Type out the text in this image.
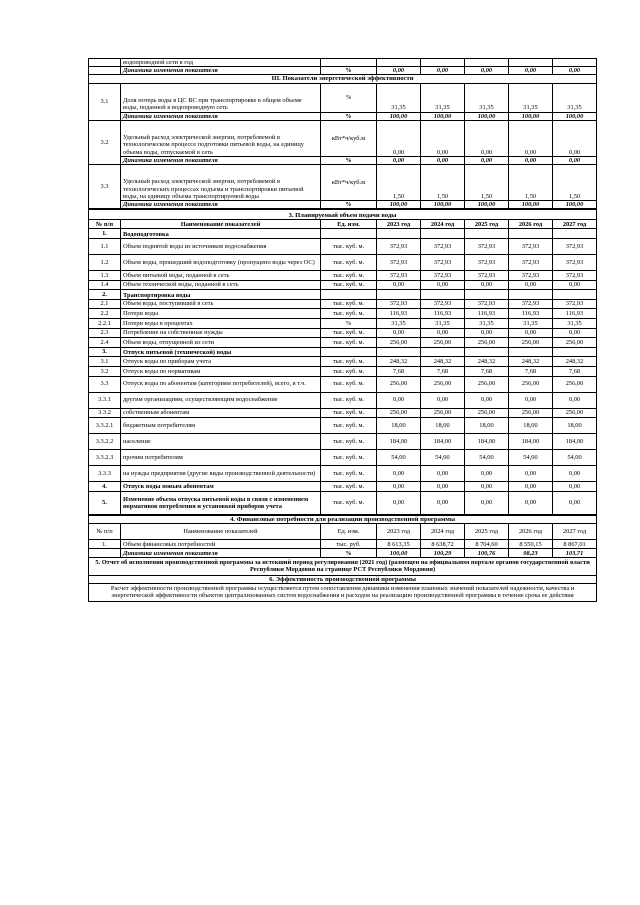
	водопроводной сети в год						
	Динамика изменения показателя	%	0,00	0,00	0,00	0,00	0,00
III. Показатели энергетической эффективности							
3.1	Доля потерь воды в ЦС ВС при транспортировке в общем объеме воды, поданной в водопроводную сеть	%	31,35	31,35	31,35	31,35	31,35
	Динамика изменения показателя	%	100,00	100,00	100,00	100,00	100,00
3.2	Удельный расход электрической энергии, потребляемой в технологическом процессе подготовки питьевой воды, на единицу объема воды, отпускаемой в сеть	кВт*ч/куб.м	0,00	0,00	0,00	0,00	0,00
	Динамика изменения показателя	%	0,00	0,00	0,00	0,00	0,00
3.3	Удельный расход электрической энергии, потребляемой в технологических процессах подъема и транспортировки питьевой воды, на единицу объема транспортируемой воды	кВт*ч/куб.м	1,50	1,50	1,50	1,50	1,50
	Динамика изменения показателя	%	100,00	100,00	100,00	100,00	100,00
3. Планируемый объем подачи воды							
№ п/п	Наименование показателей	Ед. изм.	2023 год	2024 год	2025 год	2026 год	2027 год
1.	Водоподготовка						
1.1	Объем поднятой воды из источников водоснабжения	тыс. куб. м.	372,93	372,93	372,93	372,93	372,93
1.2	Объем воды, прошедший водоподготовку (пропущено воды через ОС)	тыс. куб. м.	372,93	372,93	372,93	372,93	372,93
1.3	Объем питьевой воды, поданной в сеть	тыс. куб. м.	372,93	372,93	372,93	372,93	372,93
1.4	Объем технической воды, поданной в сеть	тыс. куб. м.	0,00	0,00	0,00	0,00	0,00
2.	Транспортировка воды						
2.1	Объем воды, поступившей в сеть	тыс. куб. м.	372,93	372,93	372,93	372,93	372,93
2.2	Потери воды	тыс. куб. м.	116,93	116,93	116,93	116,93	116,93
2.2.1	Потери воды в процентах	%	31,35	31,35	31,35	31,35	31,35
2.3	Потребление на собственные нужды	тыс. куб. м.	0,00	0,00	0,00	0,00	0,00
2.4	Объем воды, отпущенной из сети	тыс. куб. м.	256,00	256,00	256,00	256,00	256,00
3.	Отпуск питьевой (технической) воды						
3.1	Отпуск воды по приборам учета	тыс. куб. м.	248,32	248,32	248,32	248,32	248,32
3.2	Отпуск воды по нормативам	тыс. куб. м.	7,68	7,68	7,68	7,68	7,68
3.3	Отпуск воды по абонентам (категориям потребителей), всего, в т.ч.	тыс. куб. м.	256,00	256,00	256,00	256,00	256,00
3.3.1	другим организациям, осуществляющим водоснабжение	тыс. куб. м.	0,00	0,00	0,00	0,00	0,00
3.3.2	собственным абонентам	тыс. куб. м.	256,00	256,00	256,00	256,00	256,00
3.3.2.1	бюджетным потребителям	тыс. куб. м.	18,00	18,00	18,00	18,00	18,00
3.3.2.2	население	тыс. куб. м.	184,00	184,00	184,00	184,00	184,00
3.3.2.3	прочим потребителям	тыс. куб. м.	54,00	54,00	54,00	54,00	54,00
3.3.3	на нужды предприятия (другие виды производственной деятельности)	тыс. куб. м.	0,00	0,00	0,00	0,00	0,00
4.	Отпуск воды новым абонентам	тыс. куб. м.	0,00	0,00	0,00	0,00	0,00
5.	Изменение объема отпуска питьевой воды в связи с изменением нормативов потребления и установкой приборов учета	тыс. куб. м.	0,00	0,00	0,00	0,00	0,00
4. Финансовые потребности для реализации производственной программы							
№ п/п	Наименование показателей	Ед. изм.	2023 год	2024 год	2025 год	2026 год	2027 год
1.	Объем финансовых потребностей	тыс. руб.	8 613,35	8 638,72	8 704,60	8 550,15	8 867,01
	Динамика изменения показателя	%	100,00	100,29	100,76	98,23	103,71
5. Отчет об исполнении производственной программы за истекший период регулирования (2021 год) (размещен на официальном портале органов государственной власти Республики Мордовия на странице РСТ Республики Мордовия)							
6. Эффективность производственной программы							
Расчет эффективности производственной программы осуществляется путем сопоставления динамики изменения плановых значений показателей надежности, качества и энергетической эффективности объектов централизованных систем водоснабжения и расходов на реализацию производственной программы в течение срока ее действия							
